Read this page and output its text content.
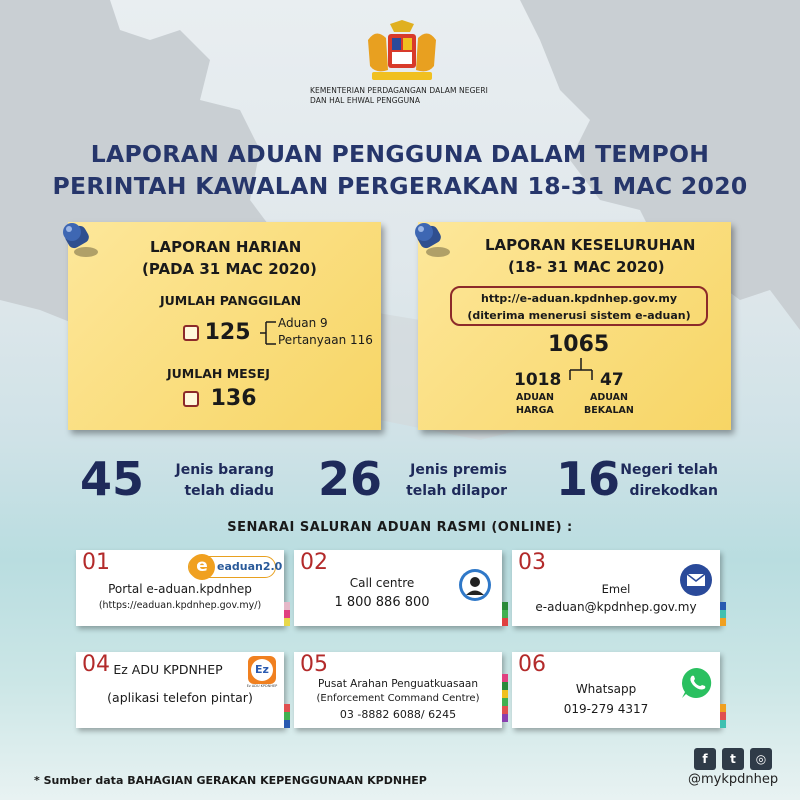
KEMENTERIAN PERDAGANGAN DALAM NEGERI
DAN HAL EHWAL PENGGUNA
LAPORAN ADUAN PENGGUNA DALAM TEMPOH
PERINTAH KAWALAN PERGERAKAN 18-31 MAC 2020
LAPORAN HARIAN
(PADA 31 MAC 2020)
JUMLAH PANGGILAN
125 Aduan 9
Pertanyaan 116
JUMLAH MESEJ
136
LAPORAN KESELURUHAN
(18- 31 MAC 2020)
http://e-aduan.kpdnhep.gov.my
(diterima menerusi sistem e-aduan)
1065
1018
ADUAN
HARGA
47
ADUAN
BEKALAN
45	Jenis barang
telah diadu 26	Jenis premis
telah dilapor 16 Negeri telah
direkodkan
SENARAI SALURAN ADUAN RASMI (ONLINE) :
01	e eaduan2.0
Portal e-aduan.kpdnhep
(https://eaduan.kpdnhep.gov.my/)
02
Call centre
1 800 886 800
03
Emel
e-aduan@kpdnhep.gov.my
04	Ez
Ez ADU KPDNHEP
Ez ADU KPDNHEP
(aplikasi telefon pintar)
05
Pusat Arahan Penguatkuasaan
(Enforcement Command Centre)
03 -8882 6088/ 6245
06
Whatsapp
019-279 4317
f	t	◎
@mykpdnhep
* Sumber data BAHAGIAN GERAKAN KEPENGGUNAAN KPDNHEP
